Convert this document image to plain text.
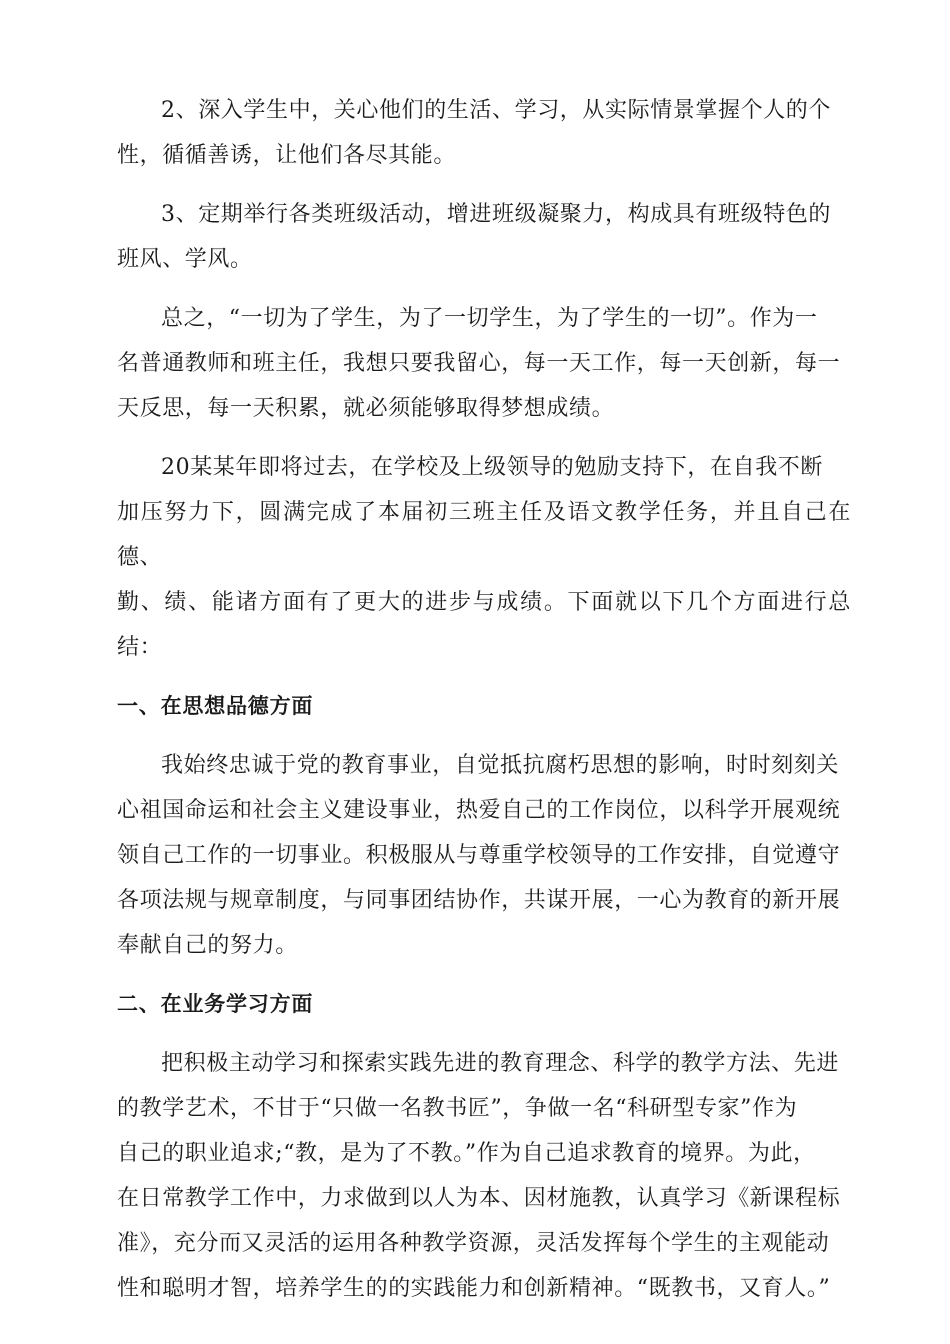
2、深入学生中，关心他们的生活、学习，从实际情景掌握个人的个
性，循循善诱，让他们各尽其能。

3、定期举行各类班级活动，增进班级凝聚力，构成具有班级特色的
班风、学风。

总之，“一切为了学生，为了一切学生，为了学生的一切”。作为一
名普通教师和班主任，我想只要我留心，每一天工作，每一天创新，每一
天反思，每一天积累，就必须能够取得梦想成绩。

20某某年即将过去，在学校及上级领导的勉励支持下，在自我不断
加压努力下，圆满完成了本届初三班主任及语文教学任务，并且自己在德、
勤、绩、能诸方面有了更大的进步与成绩。下面就以下几个方面进行总结：

一、在思想品德方面

我始终忠诚于党的教育事业，自觉抵抗腐朽思想的影响，时时刻刻关
心祖国命运和社会主义建设事业，热爱自己的工作岗位，以科学开展观统
领自己工作的一切事业。积极服从与尊重学校领导的工作安排，自觉遵守
各项法规与规章制度，与同事团结协作，共谋开展，一心为教育的新开展
奉献自己的努力。

二、在业务学习方面

把积极主动学习和探索实践先进的教育理念、科学的教学方法、先进
的教学艺术，不甘于“只做一名教书匠”，争做一名“科研型专家”作为
自己的职业追求;“教，是为了不教。”作为自己追求教育的境界。为此，
在日常教学工作中，力求做到以人为本、因材施教，认真学习《新课程标
准》，充分而又灵活的运用各种教学资源，灵活发挥每个学生的主观能动
性和聪明才智，培养学生的的实践能力和创新精神。“既教书，又育人。”
